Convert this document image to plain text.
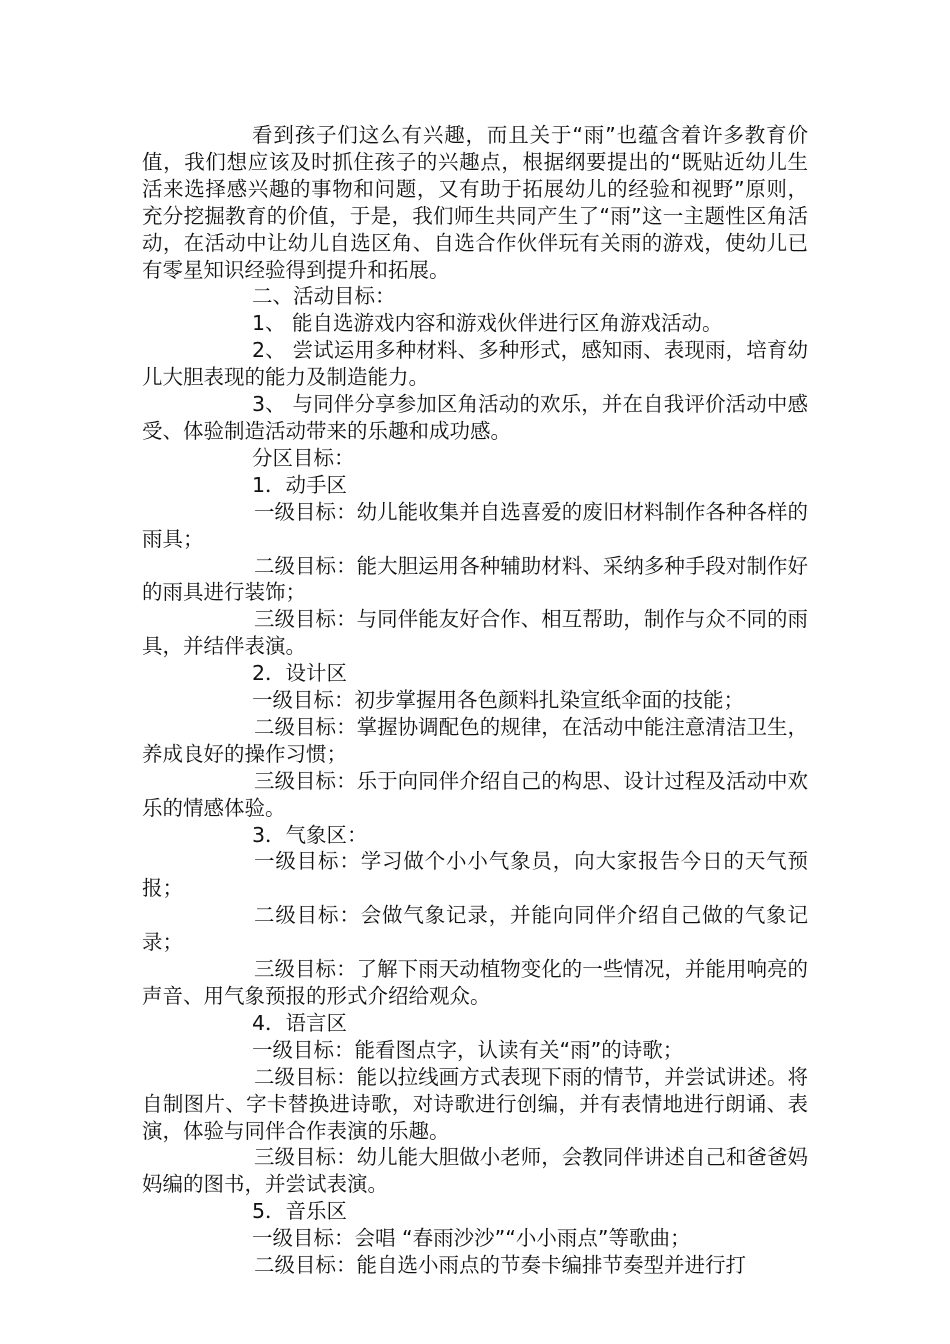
看到孩子们这么有兴趣，而且关于“雨”也蕴含着许多教育价值，我们想应该及时抓住孩子的兴趣点，根据纲要提出的“既贴近幼儿生活来选择感兴趣的事物和问题，又有助于拓展幼儿的经验和视野”原则，充分挖掘教育的价值，于是，我们师生共同产生了“雨”这一主题性区角活动，在活动中让幼儿自选区角、自选合作伙伴玩有关雨的游戏，使幼儿已有零星知识经验得到提升和拓展。

二、活动目标：

1、 能自选游戏内容和游戏伙伴进行区角游戏活动。

2、 尝试运用多种材料、多种形式，感知雨、表现雨，培育幼儿大胆表现的能力及制造能力。

3、 与同伴分享参加区角活动的欢乐，并在自我评价活动中感受、体验制造活动带来的乐趣和成功感。

分区目标：

1．动手区

一级目标：幼儿能收集并自选喜爱的废旧材料制作各种各样的雨具；

二级目标：能大胆运用各种辅助材料、采纳多种手段对制作好的雨具进行装饰；

三级目标：与同伴能友好合作、相互帮助，制作与众不同的雨具，并结伴表演。

2．设计区

一级目标：初步掌握用各色颜料扎染宣纸伞面的技能；

二级目标：掌握协调配色的规律，在活动中能注意清洁卫生，养成良好的操作习惯；

三级目标：乐于向同伴介绍自己的构思、设计过程及活动中欢乐的情感体验。

3．气象区：

一级目标：学习做个小小气象员，向大家报告今日的天气预报；

二级目标：会做气象记录，并能向同伴介绍自己做的气象记录；

三级目标：了解下雨天动植物变化的一些情况，并能用响亮的声音、用气象预报的形式介绍给观众。

4．语言区

一级目标：能看图点字，认读有关“雨”的诗歌；

二级目标：能以拉线画方式表现下雨的情节，并尝试讲述。将自制图片、字卡替换进诗歌，对诗歌进行创编，并有表情地进行朗诵、表演，体验与同伴合作表演的乐趣。

三级目标：幼儿能大胆做小老师，会教同伴讲述自己和爸爸妈妈编的图书，并尝试表演。

5．音乐区

一级目标：会唱 “春雨沙沙”“小小雨点”等歌曲；

二级目标：能自选小雨点的节奏卡编排节奏型并进行打
